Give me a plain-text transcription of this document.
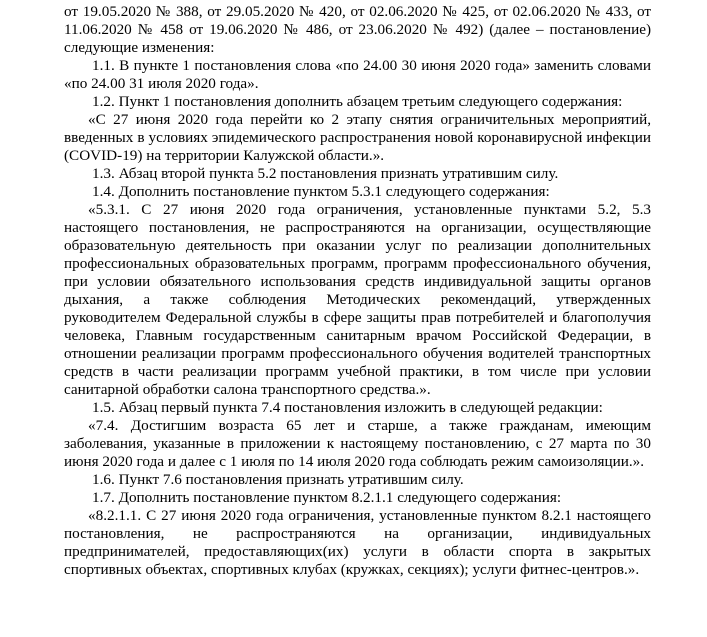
от 19.05.2020 № 388, от 29.05.2020 № 420, от 02.06.2020 № 425, от 02.06.2020 № 433, от 11.06.2020 № 458 от 19.06.2020 № 486, от 23.06.2020 № 492) (далее – постановление) следующие изменения:

1.1. В пункте 1 постановления слова «по 24.00 30 июня 2020 года» заменить словами «по 24.00 31 июля 2020 года».

1.2. Пункт 1 постановления дополнить абзацем третьим следующего содержания:

«С 27 июня 2020 года перейти ко 2 этапу снятия ограничительных мероприятий, введенных в условиях эпидемического распространения новой коронавирусной инфекции (COVID-19) на территории Калужской области.».

1.3. Абзац второй пункта 5.2 постановления признать утратившим силу.

1.4. Дополнить постановление пунктом 5.3.1 следующего содержания:

«5.3.1. С 27 июня 2020 года ограничения, установленные пунктами 5.2, 5.3 настоящего постановления, не распространяются на организации, осуществляющие образовательную деятельность при оказании услуг по реализации дополнительных профессиональных образовательных программ, программ профессионального обучения, при условии обязательного использования средств индивидуальной защиты органов дыхания, а также соблюдения Методических рекомендаций, утвержденных руководителем Федеральной службы в сфере защиты прав потребителей и благополучия человека, Главным государственным санитарным врачом Российской Федерации, в отношении реализации программ профессионального обучения водителей транспортных средств в части реализации программ учебной практики, в том числе при условии санитарной обработки салона транспортного средства.».

1.5. Абзац первый пункта 7.4 постановления изложить в следующей редакции:

«7.4. Достигшим возраста 65 лет и старше, а также гражданам, имеющим заболевания, указанные в приложении к настоящему постановлению, с 27 марта по 30 июня 2020 года и далее с 1 июля по 14 июля 2020 года соблюдать режим самоизоляции.».

1.6. Пункт 7.6 постановления признать утратившим силу.

1.7. Дополнить постановление пунктом 8.2.1.1 следующего содержания:

«8.2.1.1. С 27 июня 2020 года ограничения, установленные пунктом 8.2.1 настоящего постановления, не распространяются на организации, индивидуальных предпринимателей, предоставляющих(их) услуги в области спорта в закрытых спортивных объектах, спортивных клубах (кружках, секциях); услуги фитнес-центров.».
